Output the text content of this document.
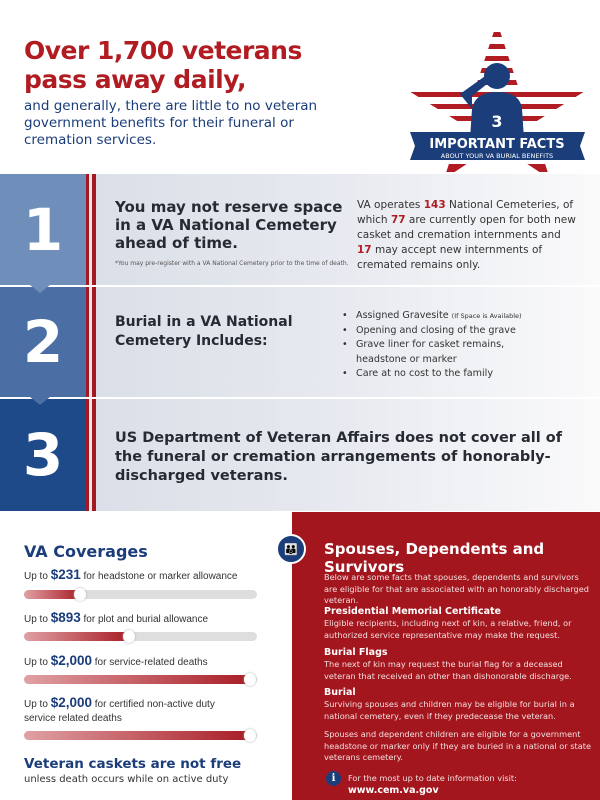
Over 1,700 veterans
pass away daily,
and generally, there are little to no veteran government benefits for their funeral or cremation services.
3
IMPORTANT FACTS
ABOUT YOUR VA BURIAL BENEFITS
1	You may not reserve space in a VA National Cemetery ahead of time.
*You may pre-register with a VA National Cemetery prior to the time of death.
VA operates 143 National Cemeteries, of which 77 are currently open for both new casket and cremation internments and 17 may accept new internments of cremated remains only.
2	Burial in a VA National Cemetery Includes:
• Assigned Gravesite (If Space is Available)
• Opening and closing of the grave
• Grave liner for casket remains, headstone or marker
• Care at no cost to the family
3	US Department of Veteran Affairs does not cover all of the funeral or cremation arrangements of honorably-discharged veterans.
VA Coverages
Up to $231 for headstone or marker allowance
Up to $893 for plot and burial allowance
Up to $2,000 for service-related deaths
Up to $2,000 for certified non-active duty service related deaths
Veteran caskets are not free
unless death occurs while on active duty
👪	Spouses, Dependents and Survivors
Below are some facts that spouses, dependents and survivors are eligible for that are associated with an honorably discharged veteran.
Presidential Memorial Certificate
Eligible recipients, including next of kin, a relative, friend, or authorized service representative may make the request.
Burial Flags
The next of kin may request the burial flag for a deceased veteran that received an other than dishonorable discharge.
Burial
Surviving spouses and children may be eligible for burial in a national cemetery, even if they predecease the veteran.
Spouses and dependent children are eligible for a government headstone or marker only if they are buried in a national or state veterans cemetery.
i	For the most up to date information visit: www.cem.va.gov
